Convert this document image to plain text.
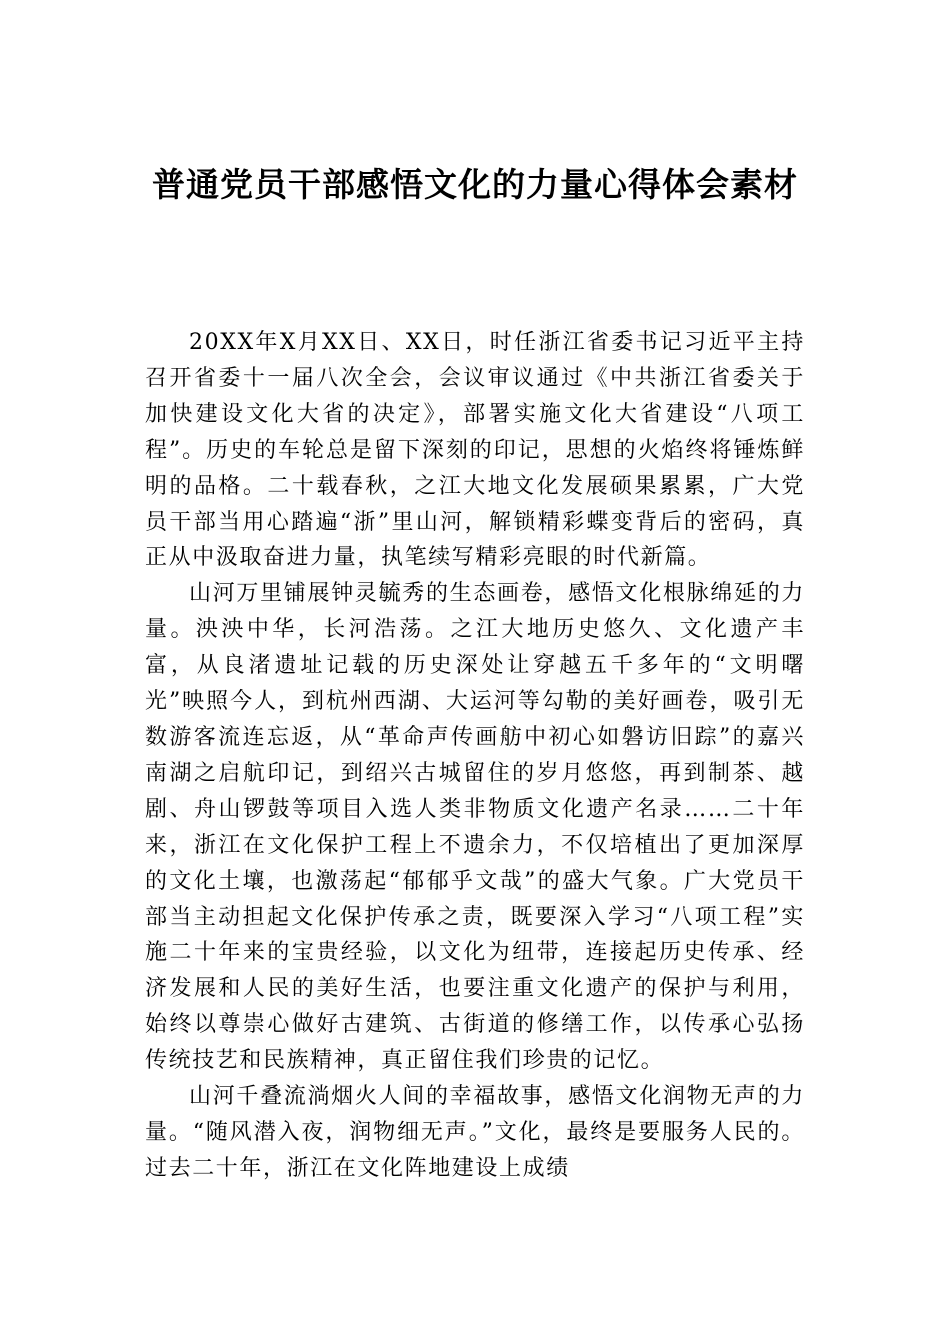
普通党员干部感悟文化的力量心得体会素材

20XX年X月XX日、XX日，时任浙江省委书记习近平主持召开省委十一届八次全会，会议审议通过《中共浙江省委关于加快建设文化大省的决定》，部署实施文化大省建设“八项工程”。历史的车轮总是留下深刻的印记，思想的火焰终将锤炼鲜明的品格。二十载春秋，之江大地文化发展硕果累累，广大党员干部当用心踏遍“浙”里山河，解锁精彩蝶变背后的密码，真正从中汲取奋进力量，执笔续写精彩亮眼的时代新篇。

山河万里铺展钟灵毓秀的生态画卷，感悟文化根脉绵延的力量。泱泱中华，长河浩荡。之江大地历史悠久、文化遗产丰富，从良渚遗址记载的历史深处让穿越五千多年的“文明曙光”映照今人，到杭州西湖、大运河等勾勒的美好画卷，吸引无数游客流连忘返，从“革命声传画舫中初心如磐访旧踪”的嘉兴南湖之启航印记，到绍兴古城留住的岁月悠悠，再到制茶、越剧、舟山锣鼓等项目入选人类非物质文化遗产名录……二十年来，浙江在文化保护工程上不遗余力，不仅培植出了更加深厚的文化土壤，也激荡起“郁郁乎文哉”的盛大气象。广大党员干部当主动担起文化保护传承之责，既要深入学习“八项工程”实施二十年来的宝贵经验，以文化为纽带，连接起历史传承、经济发展和人民的美好生活，也要注重文化遗产的保护与利用，始终以尊崇心做好古建筑、古街道的修缮工作，以传承心弘扬传统技艺和民族精神，真正留住我们珍贵的记忆。

山河千叠流淌烟火人间的幸福故事，感悟文化润物无声的力量。“随风潜入夜，润物细无声。”文化，最终是要服务人民的。过去二十年，浙江在文化阵地建设上成绩
